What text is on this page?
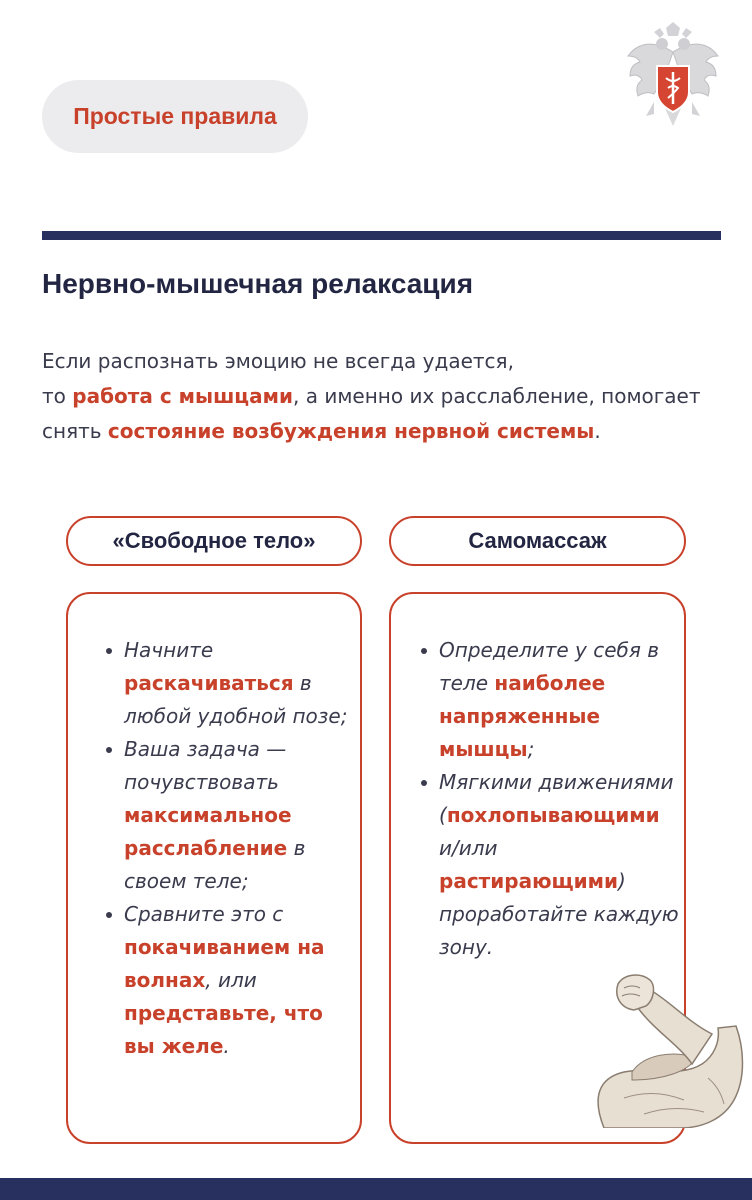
Простые правила
Нервно-мышечная релаксация

Если распознать эмоцию не всегда удается,
то работа с мышцами, а именно их расслабление, помогает снять состояние возбуждения нервной системы.

«Свободное тело»	Самомассаж
Начните раскачиваться в любой удобной позе;
Ваша задача — почувствовать максимальное расслабление в своем теле;
Сравните это с покачиванием на волнах, или представьте, что вы желе.
Определите у себя в теле наиболее напряженные мышцы;
Мягкими движениями (похлопывающими и/или растирающими) проработайте каждую зону.
